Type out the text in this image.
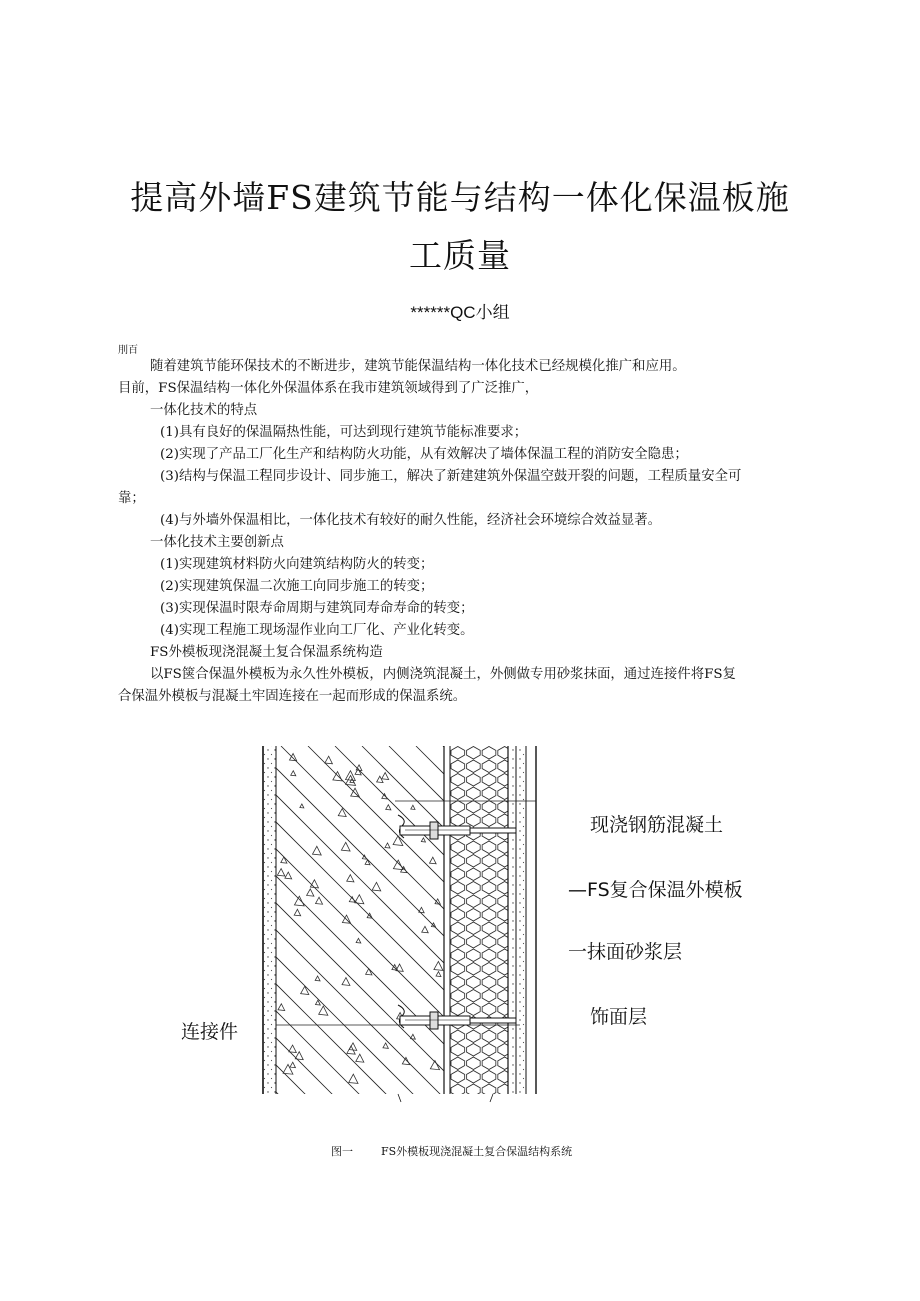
提高外墙FS建筑节能与结构一体化保温板施
工质量
******QC小组
刖百
随着建筑节能环保技术的不断进步，建筑节能保温结构一体化技术已经规模化推广和应用。
目前，FS保温结构一体化外保温体系在我市建筑领域得到了广泛推广，
一体化技术的特点
(1)具有良好的保温隔热性能，可达到现行建筑节能标准要求；
(2)实现了产品工厂化生产和结构防火功能，从有效解决了墙体保温工程的消防安全隐患；
(3)结构与保温工程同步设计、同步施工，解决了新建建筑外保温空鼓开裂的问题，工程质量安全可
靠；
(4)与外墙外保温相比，一体化技术有较好的耐久性能，经济社会环境综合效益显著。
一体化技术主要创新点
(1)实现建筑材料防火向建筑结构防火的转变；
(2)实现建筑保温二次施工向同步施工的转变；
(3)实现保温时限寿命周期与建筑同寿命寿命的转变；
(4)实现工程施工现场湿作业向工厂化、产业化转变。
FS外模板现浇混凝土复合保温系统构造
以FS箧合保温外模板为永久性外模板，内侧浇筑混凝土，外侧做专用砂浆抹面，通过连接件将FS复
合保温外模板与混凝土牢固连接在一起而形成的保温系统。
现浇钢筋混凝土
—FS复合保温外模板
一抹面砂浆层
饰面层
连接件
图一	FS外模板现浇混凝土复合保温结构系统
